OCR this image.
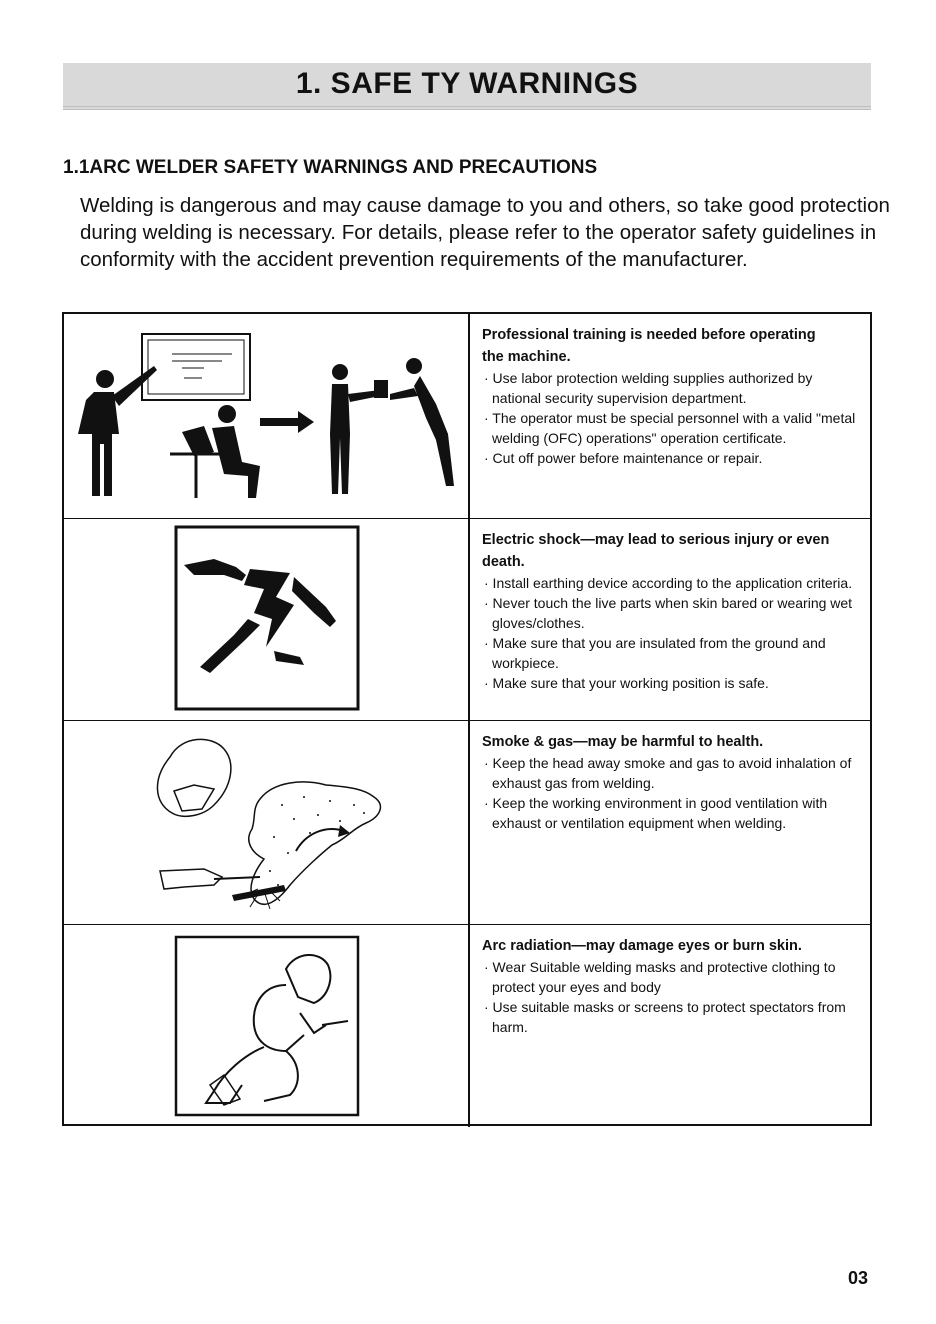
1. SAFE TY WARNINGS
1.1ARC WELDER SAFETY WARNINGS AND PRECAUTIONS
Welding is dangerous and may cause damage to you and others, so take good protection
during welding is necessary. For details, please refer to the operator safety guidelines in
conformity with the accident prevention requirements of the manufacturer.
Professional training is needed before operating
the machine.
· Use labor protection welding supplies authorized by national security supervision department.
· The operator must be special personnel with a valid "metal welding (OFC) operations" operation certificate.
· Cut off power before maintenance or repair.
Electric shock—may lead to serious injury or even
death.
· Install earthing device according to the application criteria.
· Never touch the live parts when skin bared or wearing wet gloves/clothes.
· Make sure that you are insulated from the ground and workpiece.
· Make sure that your working position is safe.
Smoke & gas—may be harmful to health.
· Keep the head away smoke and gas to avoid inhalation of exhaust gas from welding.
· Keep the working environment in good ventilation with exhaust or ventilation equipment when welding.
Arc radiation—may damage eyes or burn skin.
· Wear Suitable welding masks and protective clothing to protect your eyes and body
· Use suitable masks or screens to protect spectators from harm.
03
